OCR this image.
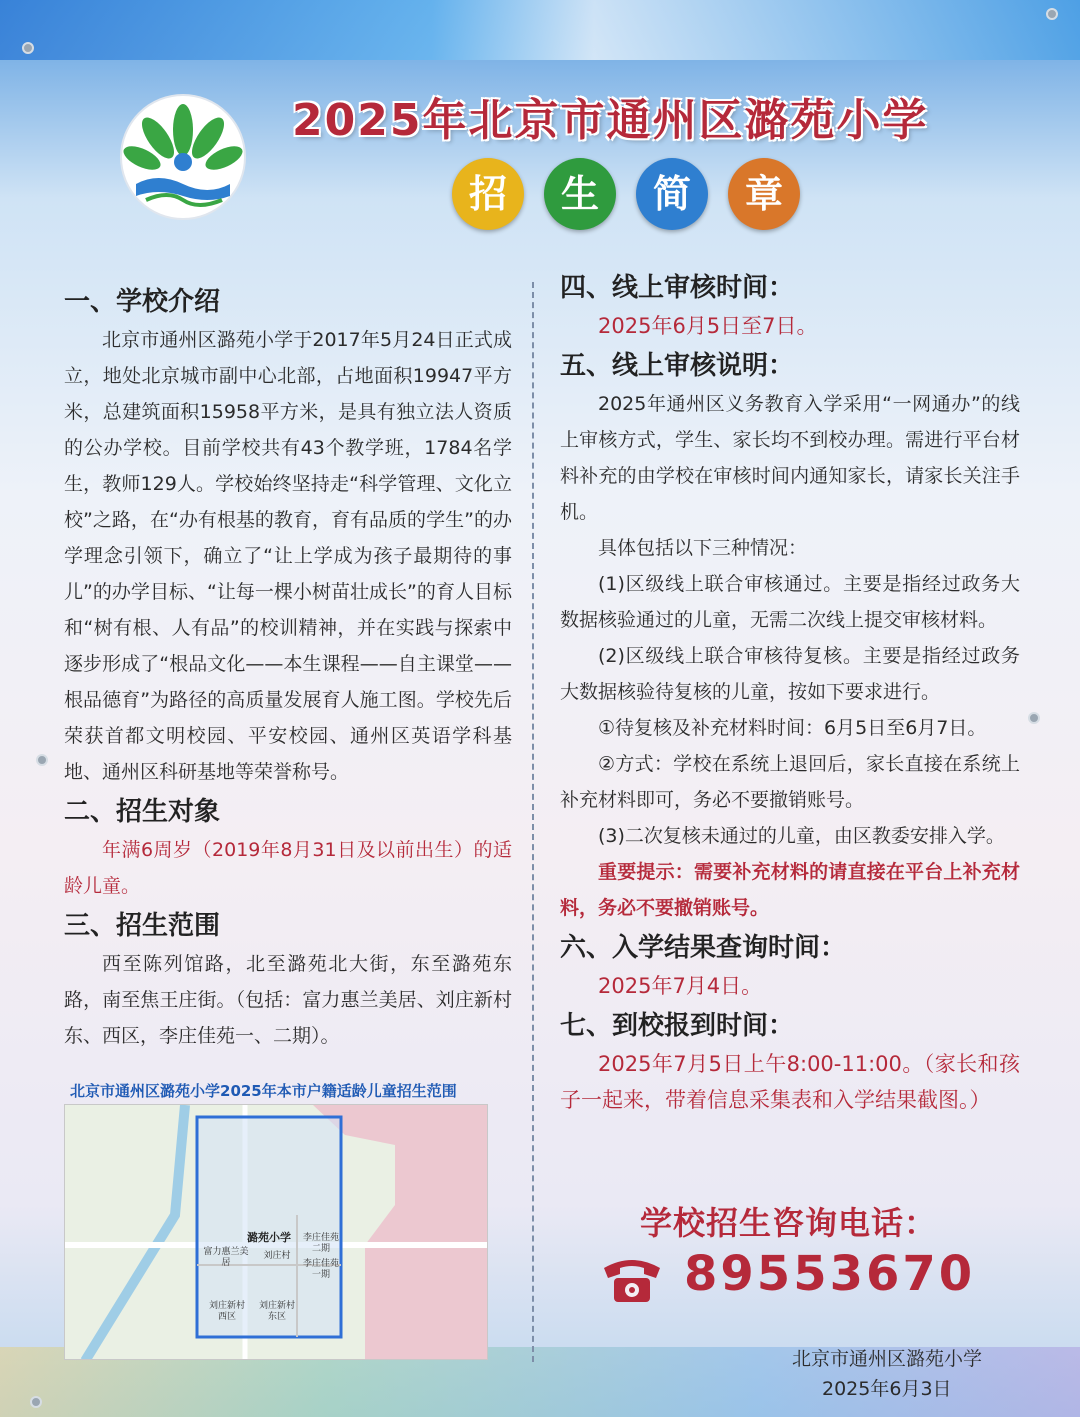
2025年北京市通州区潞苑小学
招	生	简	章
一、学校介绍
北京市通州区潞苑小学于2017年5月24日正式成立，地处北京城市副中心北部，占地面积19947平方米，总建筑面积15958平方米，是具有独立法人资质的公办学校。目前学校共有43个教学班，1784名学生，教师129人。学校始终坚持走“科学管理、文化立校”之路，在“办有根基的教育，育有品质的学生”的办学理念引领下，确立了“让上学成为孩子最期待的事儿”的办学目标、“让每一棵小树苗壮成长”的育人目标和“树有根、人有品”的校训精神，并在实践与探索中逐步形成了“根品文化——本生课程——自主课堂——根品德育”为路径的高质量发展育人施工图。学校先后荣获首都文明校园、平安校园、通州区英语学科基地、通州区科研基地等荣誉称号。
二、招生对象
年满6周岁（2019年8月31日及以前出生）的适龄儿童。
三、招生范围
西至陈列馆路，北至潞苑北大街，东至潞苑东路，南至焦王庄街。（包括：富力惠兰美居、刘庄新村东、西区，李庄佳苑一、二期）。
北京市通州区潞苑小学2025年本市户籍适龄儿童招生范围
潞苑小学
富力惠兰美居
刘庄村
李庄佳苑二期
李庄佳苑一期
刘庄新村西区
刘庄新村东区
四、线上审核时间：
2025年6月5日至7日。
五、线上审核说明：
2025年通州区义务教育入学采用“一网通办”的线上审核方式，学生、家长均不到校办理。需进行平台材料补充的由学校在审核时间内通知家长，请家长关注手机。
具体包括以下三种情况：
(1)区级线上联合审核通过。主要是指经过政务大数据核验通过的儿童，无需二次线上提交审核材料。
(2)区级线上联合审核待复核。主要是指经过政务大数据核验待复核的儿童，按如下要求进行。
①待复核及补充材料时间：6月5日至6月7日。
②方式：学校在系统上退回后，家长直接在系统上补充材料即可，务必不要撤销账号。
(3)二次复核未通过的儿童，由区教委安排入学。
重要提示：需要补充材料的请直接在平台上补充材料，务必不要撤销账号。
六、入学结果查询时间：
2025年7月4日。
七、到校报到时间：
2025年7月5日上午8:00-11:00。（家长和孩子一起来，带着信息采集表和入学结果截图。）
学校招生咨询电话：
89553670
北京市通州区潞苑小学
2025年6月3日
